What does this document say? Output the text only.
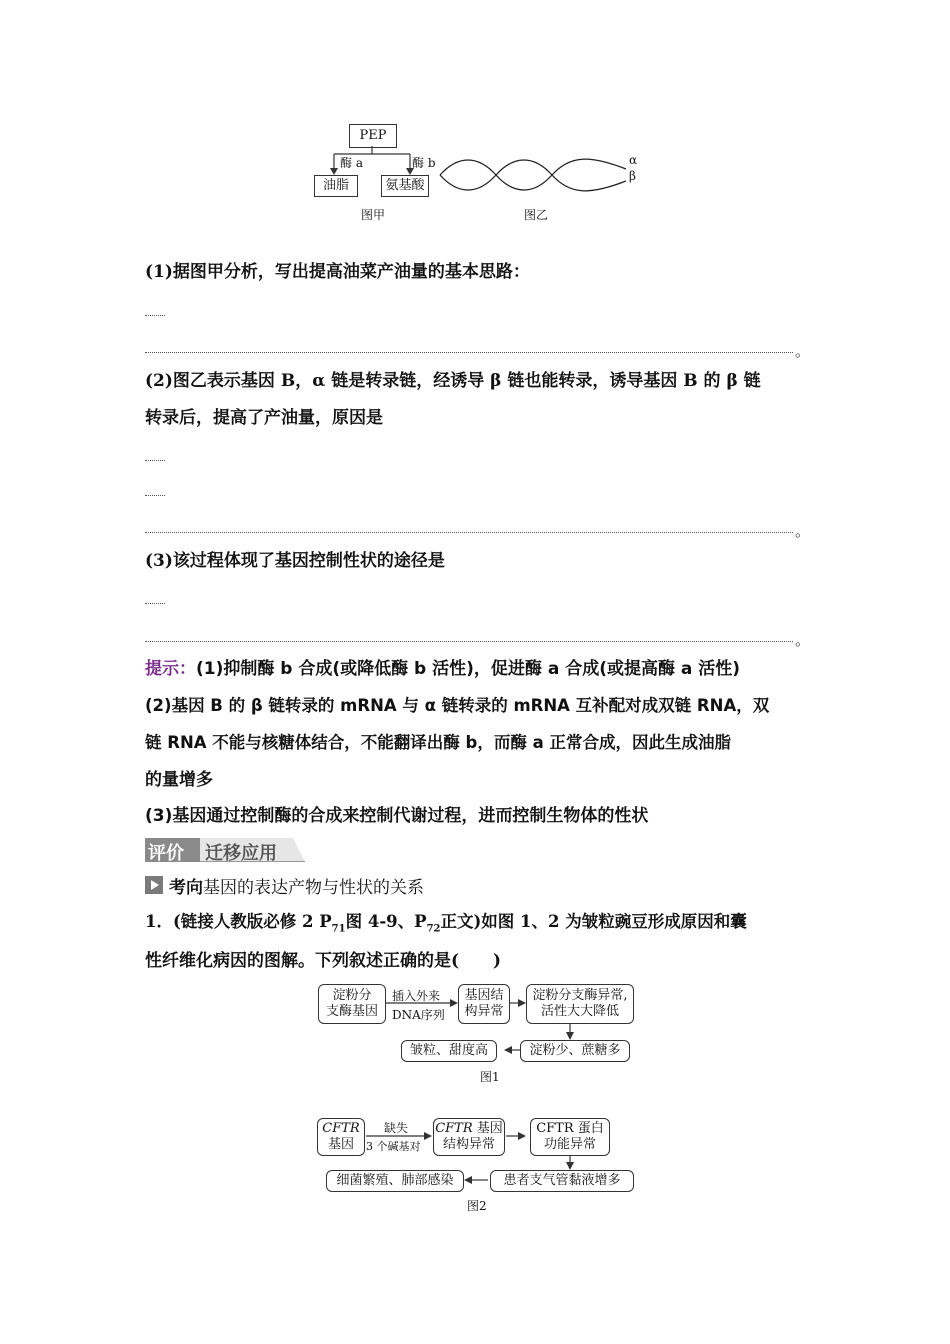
PEP
酶 a	酶 b
油脂	氨基酸
图甲
α
β
图乙
(1)据图甲分析，写出提高油菜产油量的基本思路：
。
(2)图乙表示基因 B，α 链是转录链，经诱导 β 链也能转录，诱导基因 B 的 β 链
转录后，提高了产油量，原因是
。
(3)该过程体现了基因控制性状的途径是
。
提示：(1)抑制酶 b 合成(或降低酶 b 活性)，促进酶 a 合成(或提高酶 a 活性)
(2)基因 B 的 β 链转录的 mRNA 与 α 链转录的 mRNA 互补配对成双链 RNA，双
链 RNA 不能与核糖体结合，不能翻译出酶 b，而酶 a 正常合成，因此生成油脂
的量增多
(3)基因通过控制酶的合成来控制代谢过程，进而控制生物体的性状
评价 迁移应用
考向 基因的表达产物与性状的关系
1．(链接人教版必修 2 $P_{71}$图 4-9、$P_{72}$正文)如图 1、2 为皱粒豌豆形成原因和囊
性纤维化病因的图解。下列叙述正确的是(　　)
淀粉分
支酶基因
插入外来
DNA序列
基因结
构异常
淀粉分支酶异常,
活性大大降低
淀粉少、蔗糖多
皱粒、甜度高
图1
CFTR
基因
缺失
3 个碱基对
CFTR 基因
结构异常
CFTR 蛋白
功能异常
患者支气管黏液增多
细菌繁殖、肺部感染
图2
